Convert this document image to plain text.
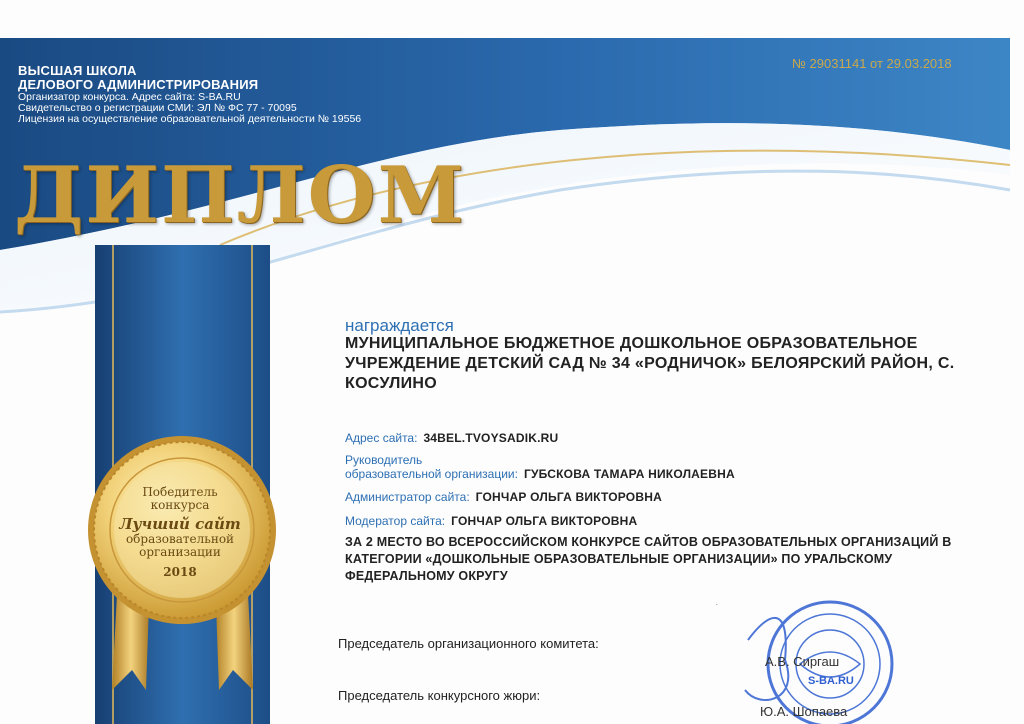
S-BA.RU
.
ВЫСШАЯ ШКОЛА
ДЕЛОВОГО АДМИНИСТРИРОВАНИЯ
Организатор конкурса. Адрес сайта: S-BA.RU
Свидетельство о регистрации СМИ: ЭЛ № ФС 77 - 70095
Лицензия на осуществление образовательной деятельности № 19556
№ 29031141 от 29.03.2018
ДИПЛОМ
Победитель
конкурса
Лучший сайт
образовательной
организации
2018
награждается
МУНИЦИПАЛЬНОЕ БЮДЖЕТНОЕ ДОШКОЛЬНОЕ ОБРАЗОВАТЕЛЬНОЕ УЧРЕЖДЕНИЕ ДЕТСКИЙ САД № 34 «РОДНИЧОК» БЕЛОЯРСКИЙ РАЙОН, С. КОСУЛИНО
Адрес сайта: 34BEL.TVOYSADIK.RU
Руководитель
образовательной организации: ГУБСКОВА ТАМАРА НИКОЛАЕВНА
Администратор сайта: ГОНЧАР ОЛЬГА ВИКТОРОВНА
Модератор сайта: ГОНЧАР ОЛЬГА ВИКТОРОВНА
ЗА 2 МЕСТО ВО ВСЕРОССИЙСКОМ КОНКУРСЕ САЙТОВ ОБРАЗОВАТЕЛЬНЫХ ОРГАНИЗАЦИЙ В КАТЕГОРИИ «ДОШКОЛЬНЫЕ ОБРАЗОВАТЕЛЬНЫЕ ОРГАНИЗАЦИИ» ПО УРАЛЬСКОМУ ФЕДЕРАЛЬНОМУ ОКРУГУ
Председатель организационного комитета:
А.В. Сиргаш
Председатель конкурсного жюри:
Ю.А. Шопаева
